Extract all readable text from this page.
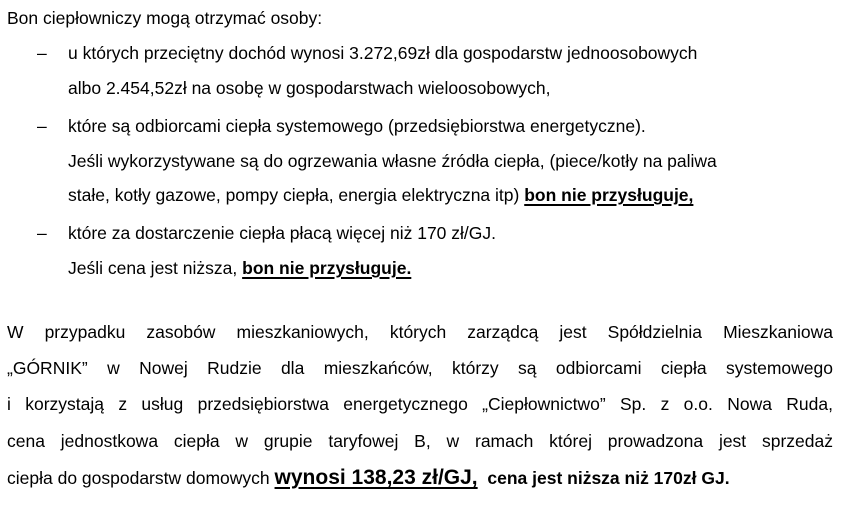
Bon ciepłowniczy mogą otrzymać osoby:
– u których przeciętny dochód wynosi 3.272,69zł dla gospodarstw jednoosobowych
albo 2.454,52zł na osobę w gospodarstwach wieloosobowych,
– które są odbiorcami ciepła systemowego (przedsiębiorstwa energetyczne).
Jeśli wykorzystywane są do ogrzewania własne źródła ciepła, (piece/kotły na paliwa
stałe, kotły gazowe, pompy ciepła, energia elektryczna itp) bon nie przysługuje,
– które za dostarczenie ciepła płacą więcej niż 170 zł/GJ.
Jeśli cena jest niższa, bon nie przysługuje.
W przypadku zasobów mieszkaniowych, których zarządcą jest Spółdzielnia Mieszkaniowa
„GÓRNIK” w Nowej Rudzie dla mieszkańców, którzy są odbiorcami ciepła systemowego
i korzystają z usług przedsiębiorstwa energetycznego „Ciepłownictwo” Sp. z o.o. Nowa Ruda,
cena jednostkowa ciepła w grupie taryfowej B, w ramach której prowadzona jest sprzedaż
ciepła do gospodarstw domowych wynosi 138,23 zł/GJ, cena jest niższa niż 170zł GJ.
